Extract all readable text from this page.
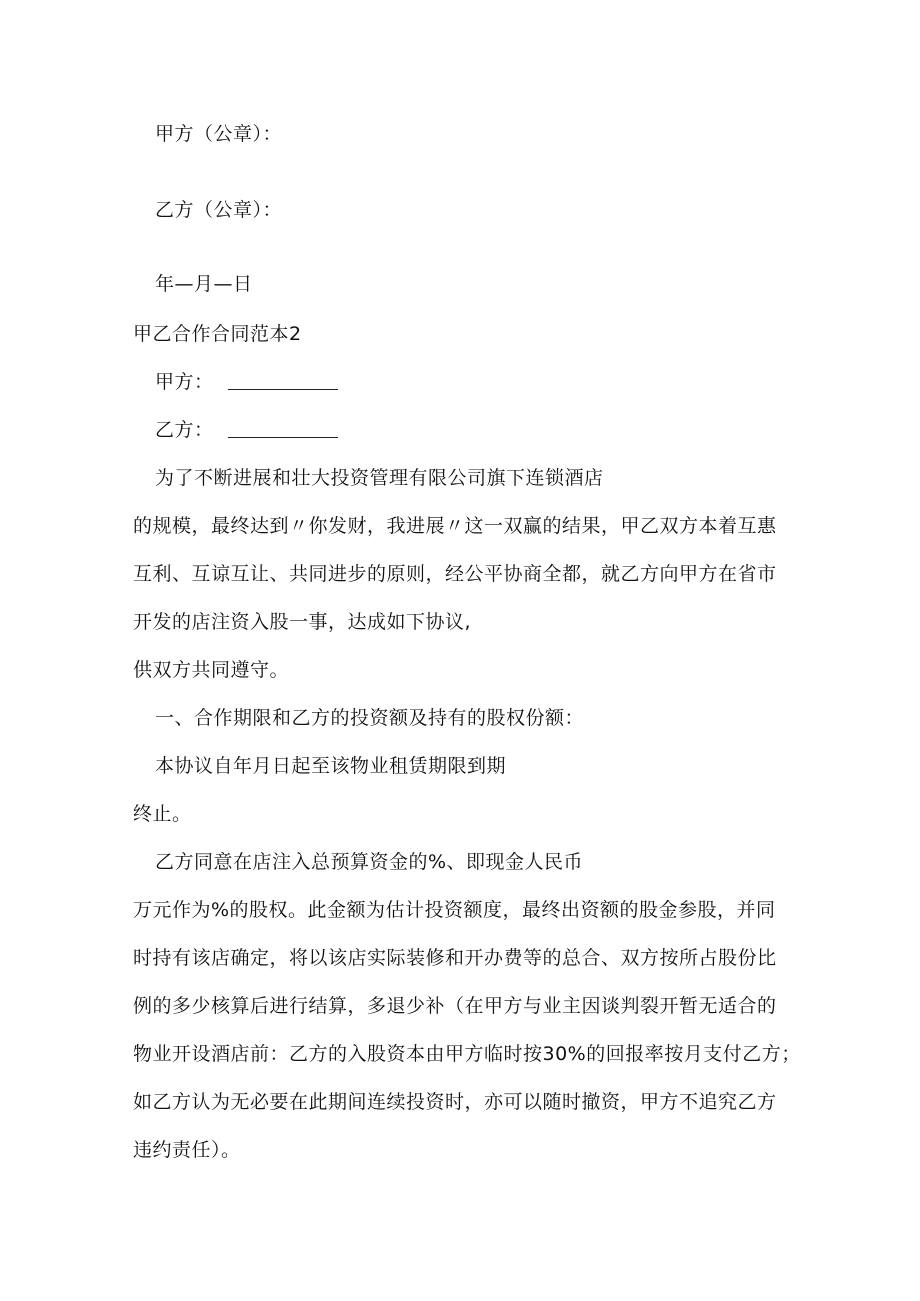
甲方（公章）：
乙方（公章）：
年—月—日
甲乙合作合同范本2
甲方：
乙方：
为了不断进展和壮大投资管理有限公司旗下连锁酒店
的规模，最终达到〃你发财，我进展〃这一双赢的结果，甲乙双方本着互惠
互利、互谅互让、共同进步的原则，经公平协商全都，就乙方向甲方在省市
开发的店注资入股一事，达成如下协议,
供双方共同遵守。
一、合作期限和乙方的投资额及持有的股权份额：
本协议自年月日起至该物业租赁期限到期
终止。
乙方同意在店注入总预算资金的%、即现金人民币
万元作为%的股权。此金额为估计投资额度，最终出资额的股金参股，并同
时持有该店确定，将以该店实际装修和开办费等的总合、双方按所占股份比
例的多少核算后进行结算，多退少补（在甲方与业主因谈判裂开暂无适合的
物业开设酒店前：乙方的入股资本由甲方临时按30%的回报率按月支付乙方；
如乙方认为无必要在此期间连续投资时，亦可以随时撤资，甲方不追究乙方
违约责任）。
